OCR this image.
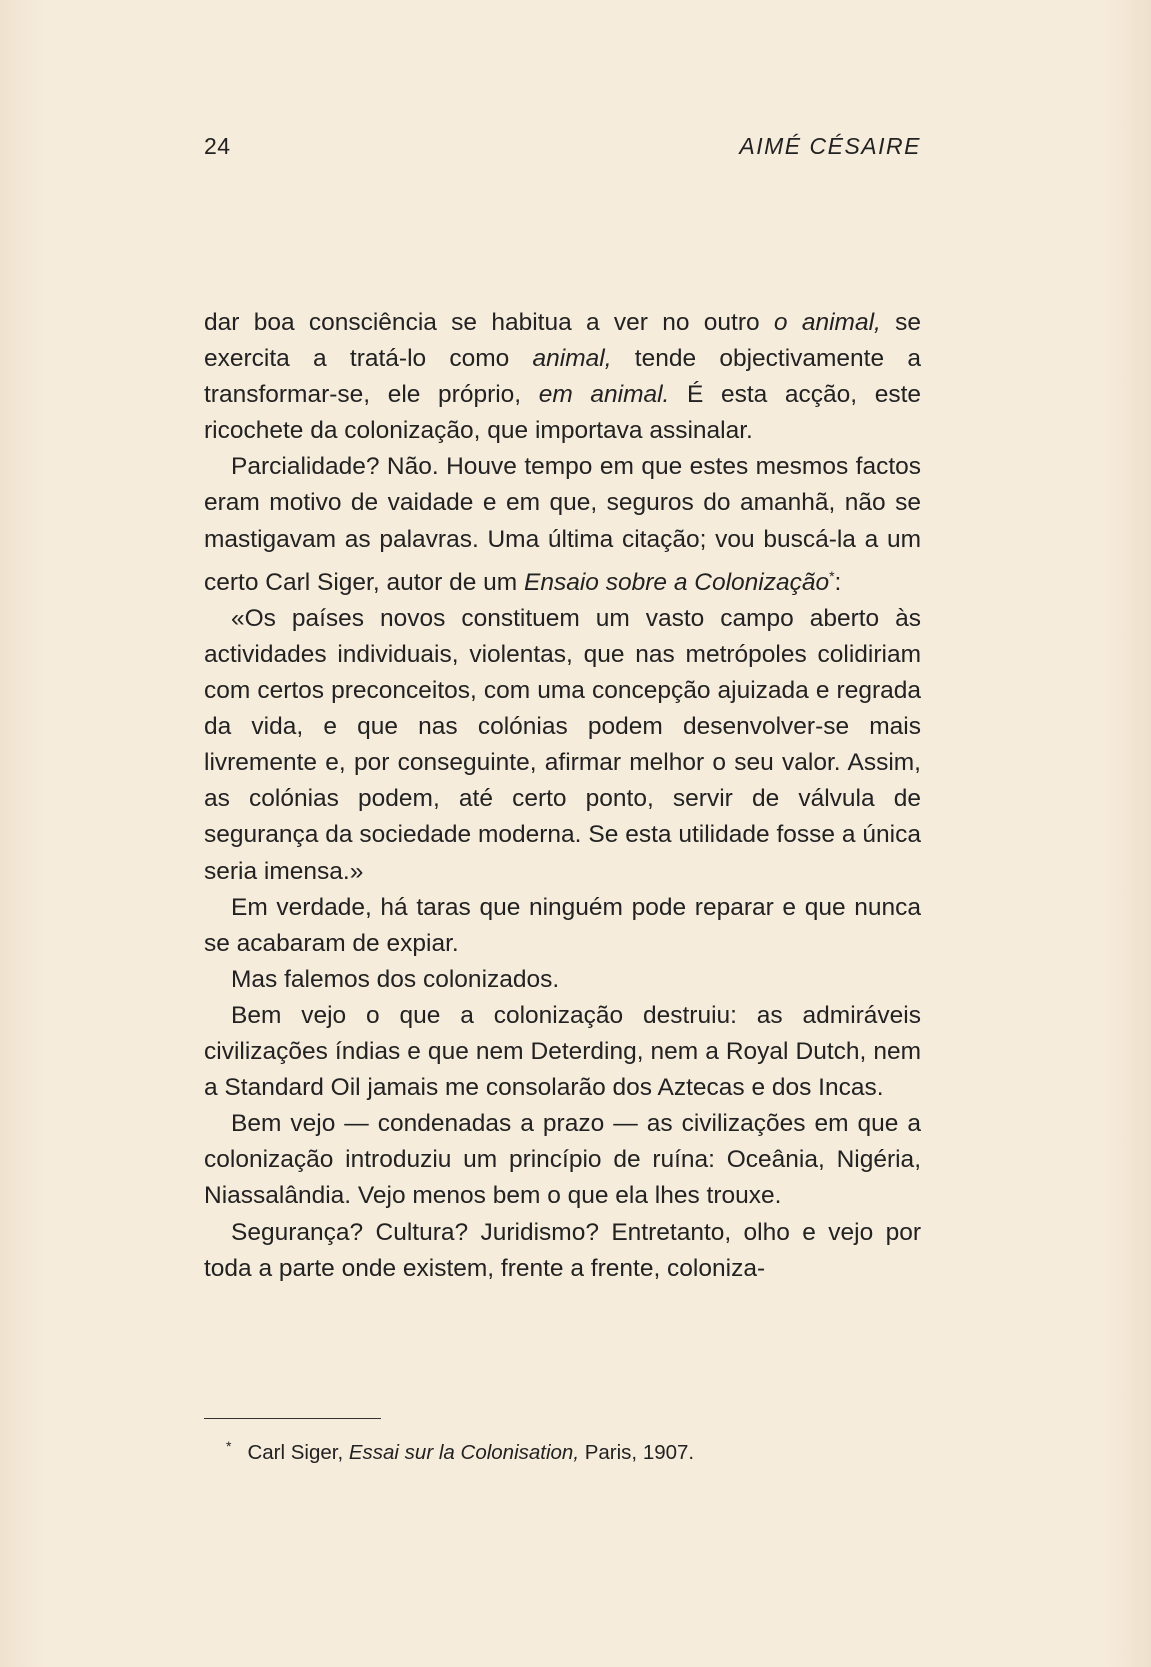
24	AIMÉ CÉSAIRE

dar boa consciência se habitua a ver no outro o animal, se exercita a tratá-lo como animal, tende objectivamente a transformar-se, ele próprio, em animal. É esta acção, este ricochete da colonização, que importava assinalar.

Parcialidade? Não. Houve tempo em que estes mesmos factos eram motivo de vaidade e em que, seguros do amanhã, não se mastigavam as palavras. Uma última citação; vou buscá-la a um certo Carl Siger, autor de um Ensaio sobre a Colonização*:

«Os países novos constituem um vasto campo aberto às actividades individuais, violentas, que nas metrópoles colidiriam com certos preconceitos, com uma concepção ajuizada e regrada da vida, e que nas colónias podem desenvolver-se mais livremente e, por conseguinte, afirmar melhor o seu valor. Assim, as colónias podem, até certo ponto, servir de válvula de segurança da sociedade moderna. Se esta utilidade fosse a única seria imensa.»

Em verdade, há taras que ninguém pode reparar e que nunca se acabaram de expiar.

Mas falemos dos colonizados.

Bem vejo o que a colonização destruiu: as admiráveis civilizações índias e que nem Deterding, nem a Royal Dutch, nem a Standard Oil jamais me consolarão dos Aztecas e dos Incas.

Bem vejo — condenadas a prazo — as civilizações em que a colonização introduziu um princípio de ruína: Oceânia, Nigéria, Niassalândia. Vejo menos bem o que ela lhes trouxe.

Segurança? Cultura? Juridismo? Entretanto, olho e vejo por toda a parte onde existem, frente a frente, coloniza-

* Carl Siger, Essai sur la Colonisation, Paris, 1907.
